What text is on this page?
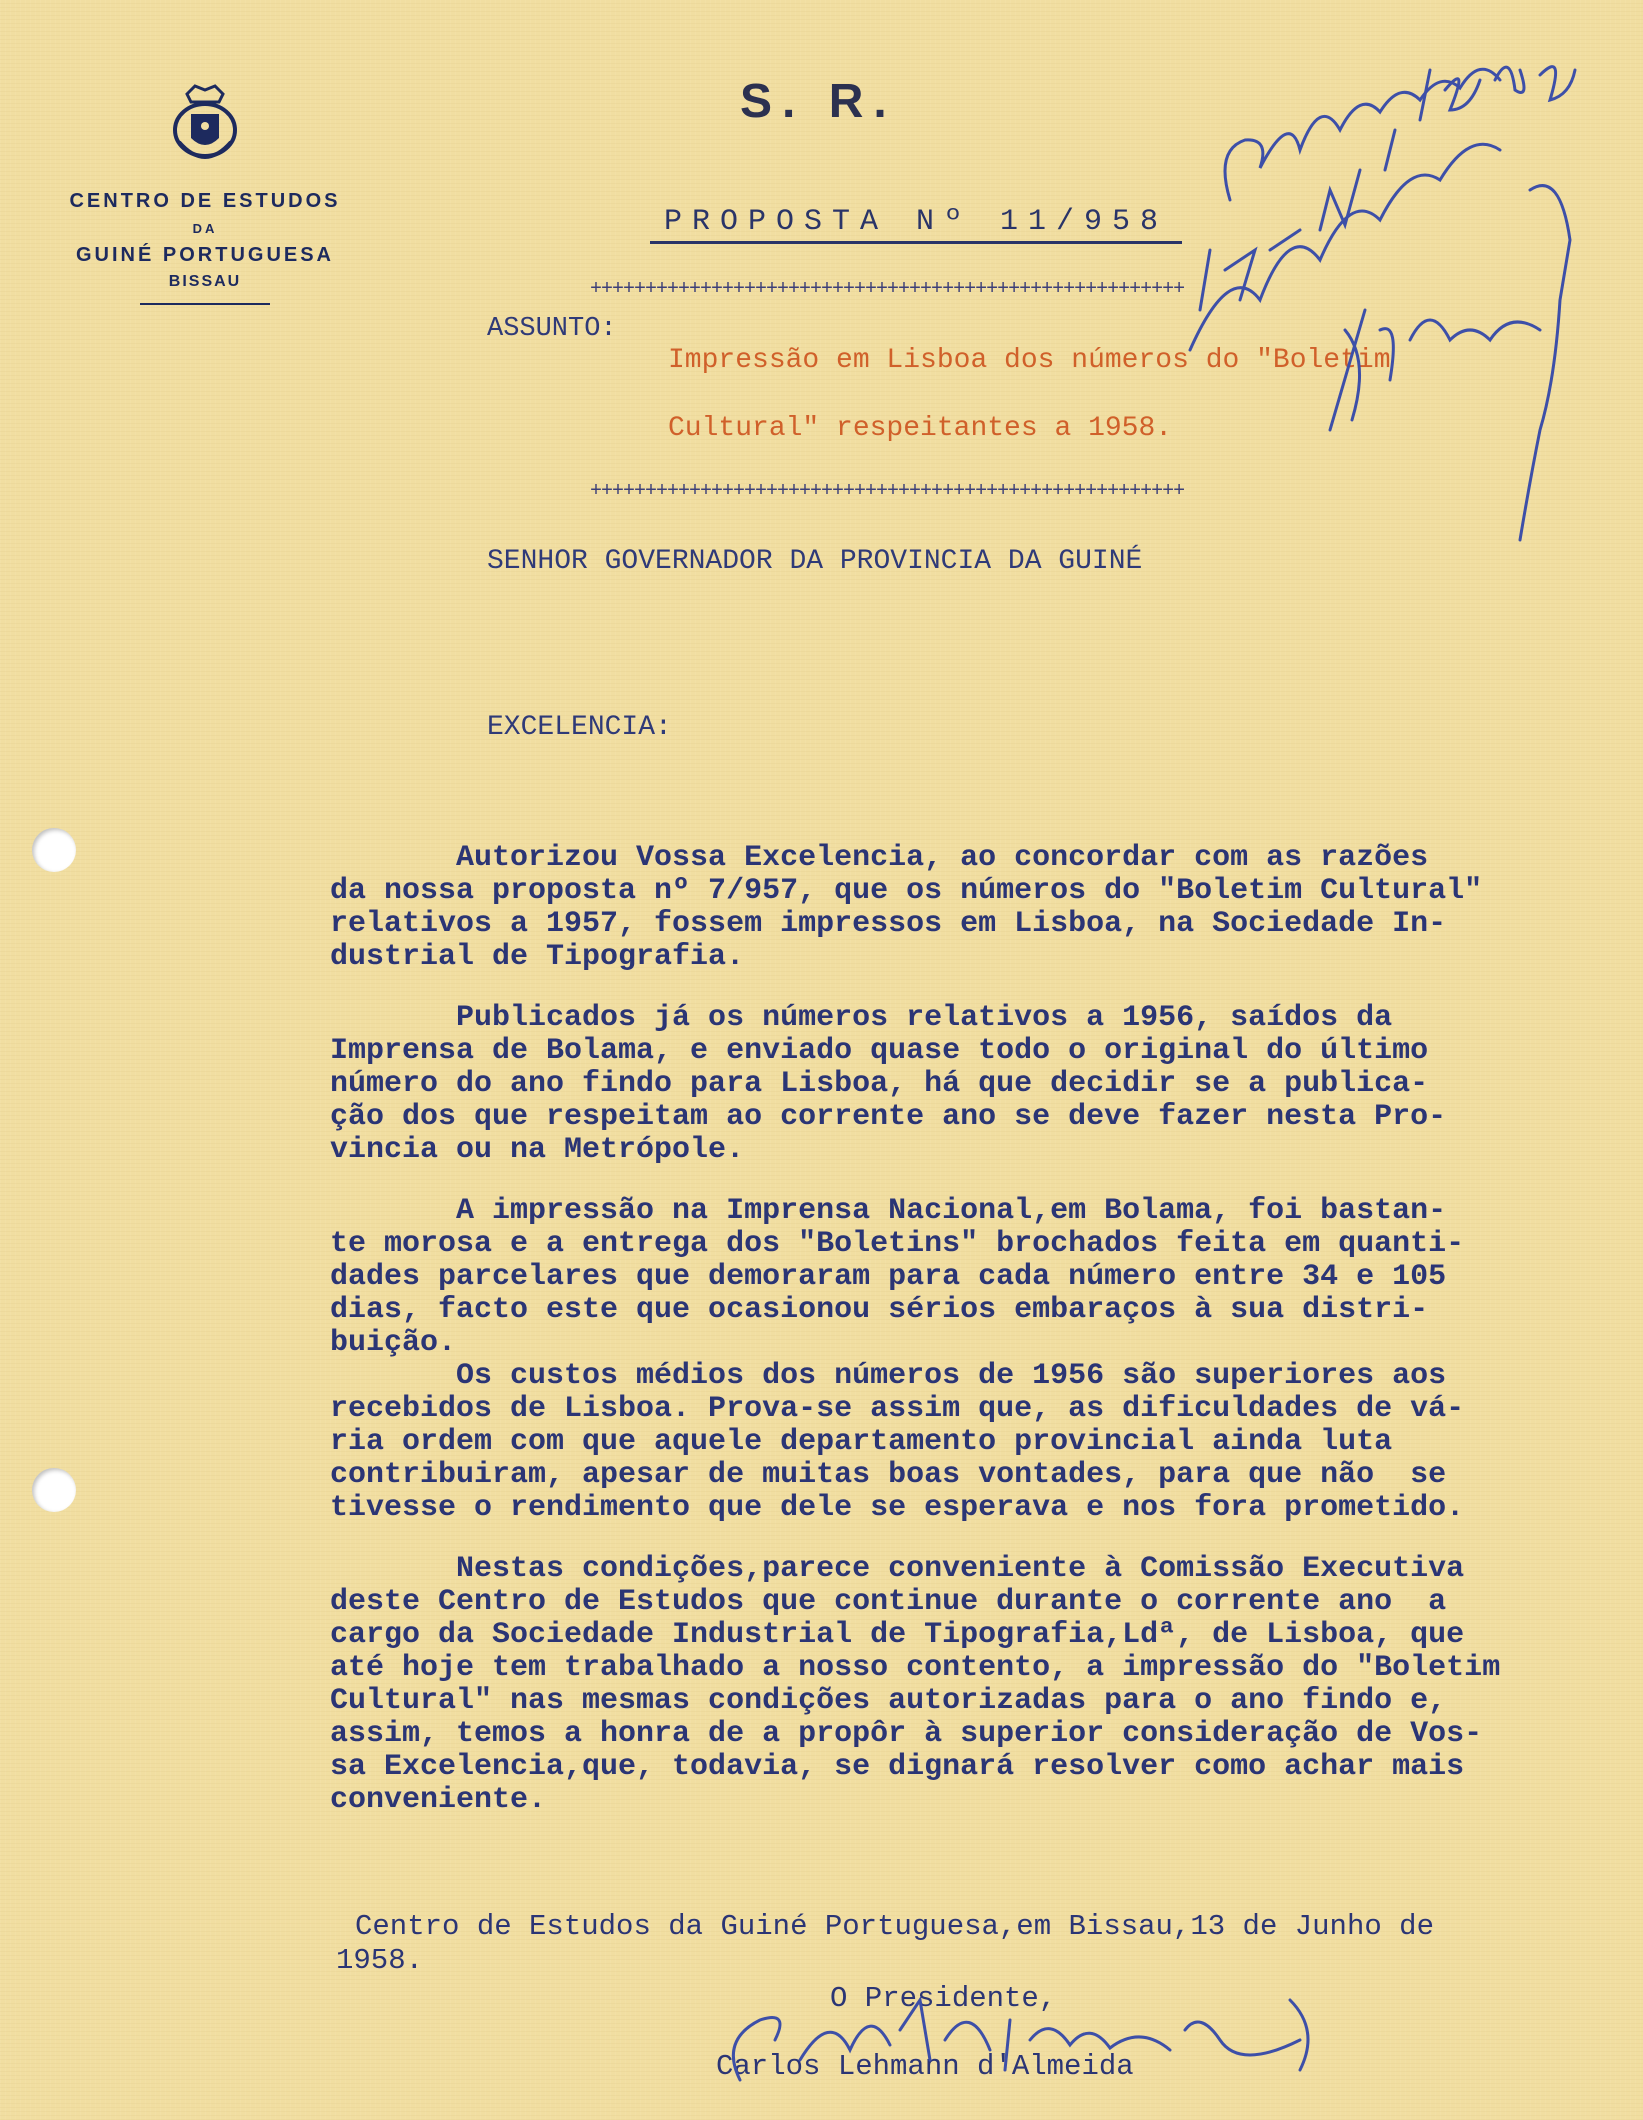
CENTRO DE ESTUDOS
DA
GUINÉ PORTUGUESA
BISSAU
S. R.
PROPOSTA Nº 11/958
++++++++++++++++++++++++++++++++++++++++++++++++++++++
ASSUNTO:
Impressão em Lisboa dos números do "Boletim
Cultural" respeitantes a 1958.
++++++++++++++++++++++++++++++++++++++++++++++++++++++
SENHOR GOVERNADOR DA PROVINCIA DA GUINÉ
EXCELENCIA:

Autorizou Vossa Excelencia, ao concordar com as razões

da nossa proposta nº 7/957, que os números do "Boletim Cultural"

relativos a 1957, fossem impressos em Lisboa, na Sociedade In-

dustrial de Tipografia.

Publicados já os números relativos a 1956, saídos da

Imprensa de Bolama, e enviado quase todo o original do último

número do ano findo para Lisboa, há que decidir se a publica-

ção dos que respeitam ao corrente ano se deve fazer nesta Pro-

vincia ou na Metrópole.

A impressão na Imprensa Nacional,em Bolama, foi bastan-

te morosa e a entrega dos "Boletins" brochados feita em quanti-

dades parcelares que demoraram para cada número entre 34 e 105

dias, facto este que ocasionou sérios embaraços à sua distri-

buição.

Os custos médios dos números de 1956 são superiores aos

recebidos de Lisboa. Prova-se assim que, as dificuldades de vá-

ria ordem com que aquele departamento provincial ainda luta

contribuiram, apesar de muitas boas vontades, para que não  se

tivesse o rendimento que dele se esperava e nos fora prometido.

Nestas condições,parece conveniente à Comissão Executiva

deste Centro de Estudos que continue durante o corrente ano  a

cargo da Sociedade Industrial de Tipografia,Ldª, de Lisboa, que

até hoje tem trabalhado a nosso contento, a impressão do "Boletim

Cultural" nas mesmas condições autorizadas para o ano findo e,

assim, temos a honra de a propôr à superior consideração de Vos-

sa Excelencia,que, todavia, se dignará resolver como achar mais

conveniente.

Centro de Estudos da Guiné Portuguesa,em Bissau,13 de Junho de
1958.
O Presidente,
Carlos Lehmann d'Almeida
